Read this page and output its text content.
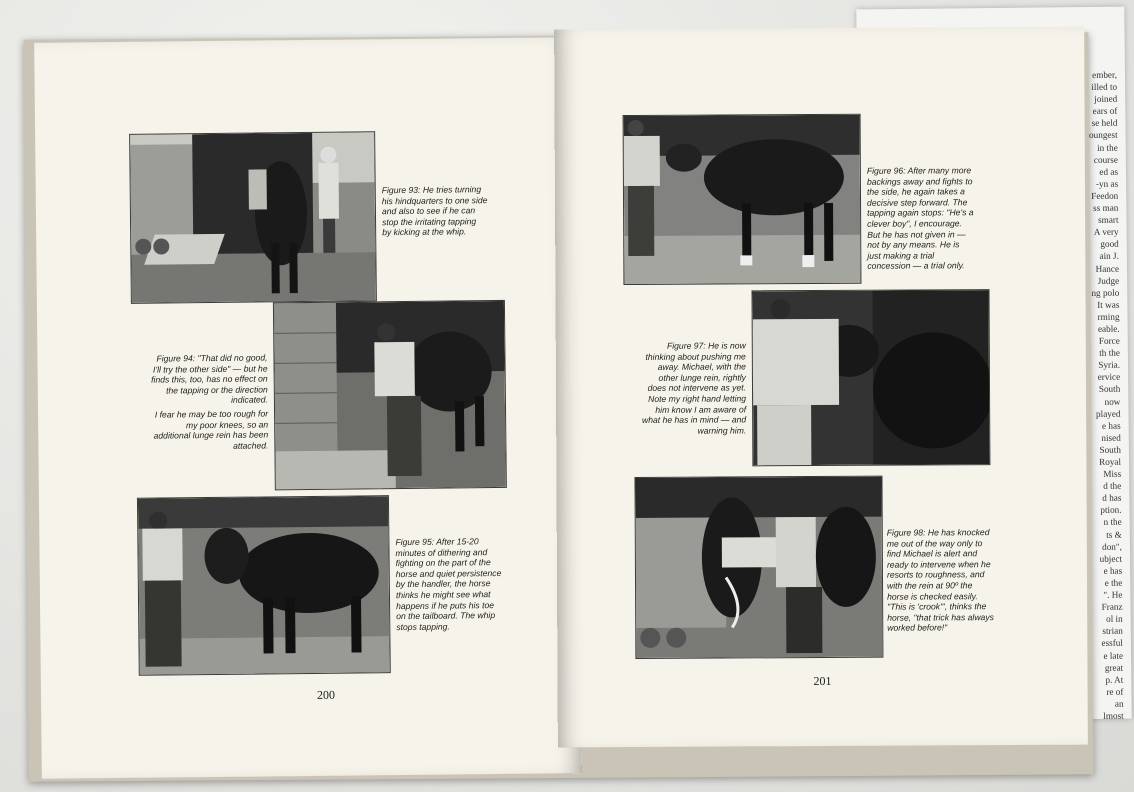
ember,
illed to
joined
ears of
se held
oungest
in the
course
ed as
-yn as
Feedon
ss man
smart
A very
good
ain J.
Hance
Judge
ng polo
It was
rming
eable.
Force
th the
Syria.
ervice
South
now
played
e has
nised
South
Royal
Miss
d the
d has
ption.
n the
ts &
don",
ubject
e has
e the
". He
Franz
ol in
strian
essful
e late
great
p. At
re of
an
lmost
Figure 93: He tries turning
his hindquarters to one side
and also to see if he can
stop the irritating tapping
by kicking at the whip.
Figure 94: "That did no good,
I'll try the other side" — but he
finds this, too, has no effect on
the tapping or the direction
indicated.
I fear he may be too rough for
my poor knees, so an
additional lunge rein has been
attached.
Figure 95: After 15-20
minutes of dithering and
fighting on the part of the
horse and quiet persistence
by the handler, the horse
thinks he might see what
happens if he puts his toe
on the tailboard. The whip
stops tapping.
200
Figure 96: After many more
backings away and fights to
the side, he again takes a
decisive step forward. The
tapping again stops: "He's a
clever boy", I encourage.
But he has not given in —
not by any means. He is
just making a trial
concession — a trial only.
Figure 97: He is now
thinking about pushing me
away. Michael, with the
other lunge rein, rightly
does not intervene as yet.
Note my right hand letting
him know I am aware of
what he has in mind — and
warning him.
Figure 98: He has knocked
me out of the way only to
find Michael is alert and
ready to intervene when he
resorts to roughness, and
with the rein at 90º the
horse is checked easily.
"This is 'crook'", thinks the
horse, "that trick has always
worked before!"
201
